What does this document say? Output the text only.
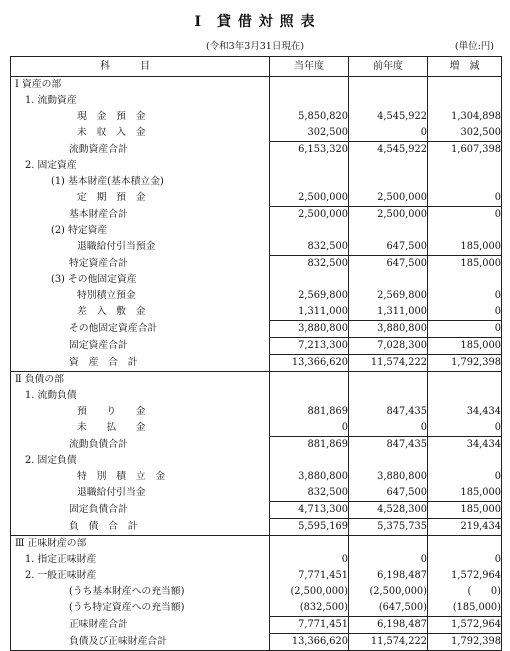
Ⅰ　貸 借 対 照 表
(令和3年3月31日現在)	(単位:円)
科目	当年度	前年度	増　減
Ⅰ 資産の部			
1. 流動資産			
現　金　預　金	5,850,820	4,545,922	1,304,898
未　収　入　金	302,500	0	302,500
流動資産合計	6,153,320	4,545,922	1,607,398
2. 固定資産			
(1) 基本財産(基本積立金)			
定　期　預　金	2,500,000	2,500,000	0
基本財産合計	2,500,000	2,500,000	0
(2) 特定資産			
退職給付引当預金	832,500	647,500	185,000
特定資産合計	832,500	647,500	185,000
(3) その他固定資産			
特別積立預金	2,569,800	2,569,800	0
差　入　敷　金	1,311,000	1,311,000	0
その他固定資産合計	3,880,800	3,880,800	0
固定資産合計	7,213,300	7,028,300	185,000
資　産　合　計	13,366,620	11,574,222	1,792,398
Ⅱ 負債の部			
1. 流動負債			
預　　り　　金	881,869	847,435	34,434
未　　払　　金	0	0	0
流動負債合計	881,869	847,435	34,434
2. 固定負債			
特　別　積　立　金	3,880,800	3,880,800	0
退職給付引当金	832,500	647,500	185,000
固定負債合計	4,713,300	4,528,300	185,000
負　債　合　計	5,595,169	5,375,735	219,434
Ⅲ 正味財産の部			
1. 指定正味財産	0	0	0
2. 一般正味財産	7,771,451	6,198,487	1,572,964
(うち基本財産への充当額)	(2,500,000)	(2,500,000)	(　　0)
(うち特定資産への充当額)	(832,500)	(647,500)	(185,000)
正味財産合計	7,771,451	6,198,487	1,572,964
負債及び正味財産合計	13,366,620	11,574,222	1,792,398
